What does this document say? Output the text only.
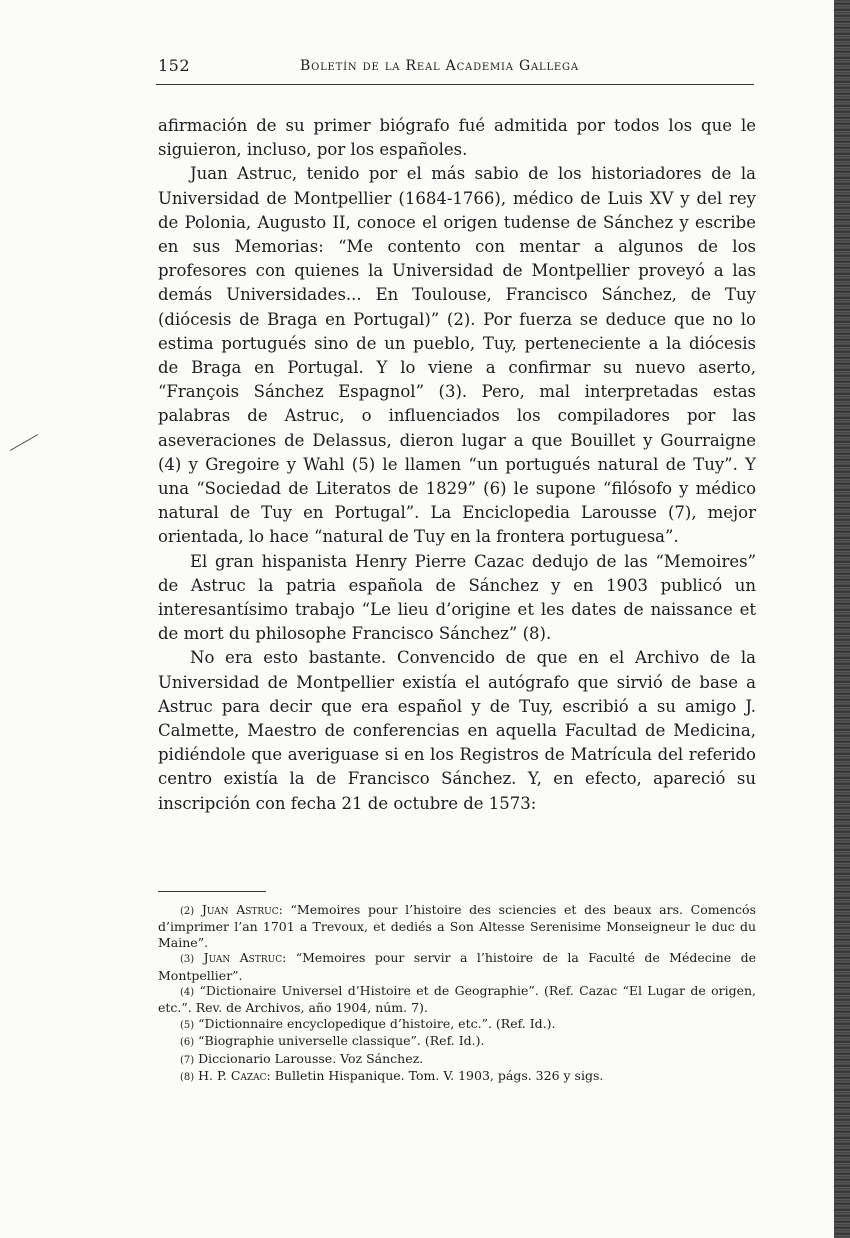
152	Boletín de la Real Academia Gallega

afirmación de su primer biógrafo fué admitida por todos los que le siguieron, incluso, por los españoles.

Juan Astruc, tenido por el más sabio de los historiadores de la Universidad de Montpellier (1684-1766), médico de Luis XV y del rey de Polonia, Augusto II, conoce el origen tudense de Sánchez y escribe en sus Memorias: “Me contento con mentar a algunos de los profesores con quienes la Universidad de Montpellier proveyó a las demás Universidades... En Toulouse, Francisco Sánchez, de Tuy (diócesis de Braga en Portugal)” (2). Por fuerza se deduce que no lo estima portugués sino de un pueblo, Tuy, perteneciente a la diócesis de Braga en Portugal. Y lo viene a confirmar su nuevo aserto, “François Sánchez Espagnol” (3). Pero, mal interpretadas estas palabras de Astruc, o influenciados los compiladores por las aseveraciones de Delassus, dieron lugar a que Bouillet y Gourraigne (4) y Gregoire y Wahl (5) le llamen “un portugués natural de Tuy”. Y una “Sociedad de Literatos de 1829” (6) le supone “filósofo y médico natural de Tuy en Portugal”. La Enciclopedia Larousse (7), mejor orientada, lo hace “natural de Tuy en la frontera portuguesa”.

El gran hispanista Henry Pierre Cazac dedujo de las “Memoires” de Astruc la patria española de Sánchez y en 1903 publicó un interesantísimo trabajo “Le lieu d’origine et les dates de naissance et de mort du philosophe Francisco Sánchez” (8).

No era esto bastante. Convencido de que en el Archivo de la Universidad de Montpellier existía el autógrafo que sirvió de base a Astruc para decir que era español y de Tuy, escribió a su amigo J. Calmette, Maestro de conferencias en aquella Facultad de Medicina, pidiéndole que averiguase si en los Registros de Matrícula del referido centro existía la de Francisco Sánchez. Y, en efecto, apareció su inscripción con fecha 21 de octubre de 1573:

(2) Juan Astruc: “Memoires pour l’histoire des sciencies et des beaux ars. Comencós d’imprimer l’an 1701 a Trevoux, et dediés a Son Altesse Serenisime Monseigneur le duc du Maine”.

(3) Juan Astruc: “Memoires pour servir a l’histoire de la Faculté de Médecine de Montpellier”.

(4) “Dictionaire Universel d’Histoire et de Geographie”. (Ref. Cazac “El Lugar de origen, etc.”. Rev. de Archivos, año 1904, núm. 7).

(5) “Dictionnaire encyclopedique d’histoire, etc.”. (Ref. Id.).

(6) “Biographie universelle classique”. (Ref. Id.).

(7) Diccionario Larousse. Voz Sánchez.

(8) H. P. Cazac: Bulletin Hispanique. Tom. V. 1903, págs. 326 y sigs.
